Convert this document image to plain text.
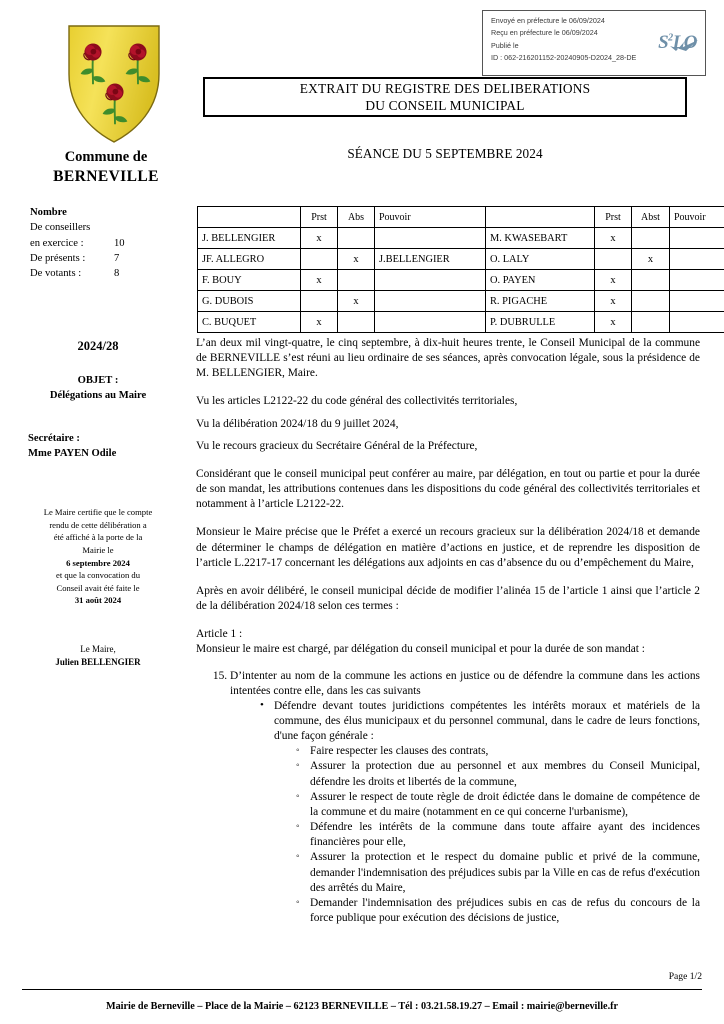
Envoyé en préfecture le 06/09/2024
Reçu en préfecture le 06/09/2024
Publié le
ID : 062-216201152-20240905-D2024_28-DE
$S^2LO$
Commune de
BERNEVILLE
EXTRAIT DU REGISTRE DES DELIBERATIONS
DU CONSEIL MUNICIPAL
SÉANCE DU 5 SEPTEMBRE 2024
Nombre
De conseillers
en exercice :	10
De présents :	7
De votants :	8
2024/28
OBJET :
Délégations au Maire
Secrétaire :
Mme PAYEN Odile
Le Maire certifie que le compte
rendu de cette délibération a
été affiché à la porte de la
Mairie le
6 septembre 2024
et que la convocation du
Conseil avait été faite le
31 août 2024
Le Maire,
Julien BELLENGIER
	Prst	Abs	Pouvoir		Prst	Abst	Pouvoir
J. BELLENGIER	x			M. KWASEBART	x		
JF. ALLEGRO		x	J.BELLENGIER	O. LALY		x	
F. BOUY	x			O. PAYEN	x		
G. DUBOIS		x		R. PIGACHE	x		
C. BUQUET	x			P. DUBRULLE	x		

L’an deux mil vingt-quatre, le cinq septembre, à dix-huit heures trente, le Conseil Municipal de la commune de BERNEVILLE s’est réuni au lieu ordinaire de ses séances, après convocation légale, sous la présidence de M. BELLENGIER, Maire.

Vu les articles L2122-22 du code général des collectivités territoriales,

Vu la délibération 2024/18 du 9 juillet 2024,

Vu le recours gracieux du Secrétaire Général de la Préfecture,

Considérant que le conseil municipal peut conférer au maire, par délégation, en tout ou partie et pour la durée de son mandat, les attributions contenues dans les dispositions du code général des collectivités territoriales et notamment à l’article L2122-22.

Monsieur le Maire précise que le Préfet a exercé un recours gracieux sur la délibération 2024/18 et demande de déterminer le champs de délégation en matière d’actions en justice, et de reprendre les disposition de l’article L.2217-17 concernant les délégations aux adjoints en cas d’absence du ou d’empêchement du Maire,

Après en avoir délibéré, le conseil municipal décide de modifier l’alinéa 15 de l’article 1 ainsi que l’article 2 de la délibération 2024/18 selon ces termes :

Article 1 :

Monsieur le maire est chargé, par délégation du conseil municipal et pour la durée de son mandat :

15. D’intenter au nom de la commune les actions en justice ou de défendre la commune dans les actions intentées contre elle, dans les cas suivants
• Défendre devant toutes juridictions compétentes les intérêts moraux et matériels de la commune, des élus municipaux et du personnel communal, dans le cadre de leurs fonctions, d'une façon générale :
◦ Faire respecter les clauses des contrats,
◦ Assurer la protection due au personnel et aux membres du Conseil Municipal, défendre les droits et libertés de la commune,
◦ Assurer le respect de toute règle de droit édictée dans le domaine de compétence de la commune et du maire (notamment en ce qui concerne l'urbanisme),
◦ Défendre les intérêts de la commune dans toute affaire ayant des incidences financières pour elle,
◦ Assurer la protection et le respect du domaine public et privé de la commune, demander l'indemnisation des préjudices subis par la Ville en cas de refus d'exécution des arrêtés du Maire,
◦ Demander l'indemnisation des préjudices subis en cas de refus du concours de la force publique pour exécution des décisions de justice,
Page 1/2
Mairie de Berneville – Place de la Mairie – 62123 BERNEVILLE – Tél : 03.21.58.19.27 – Email : mairie@berneville.fr
